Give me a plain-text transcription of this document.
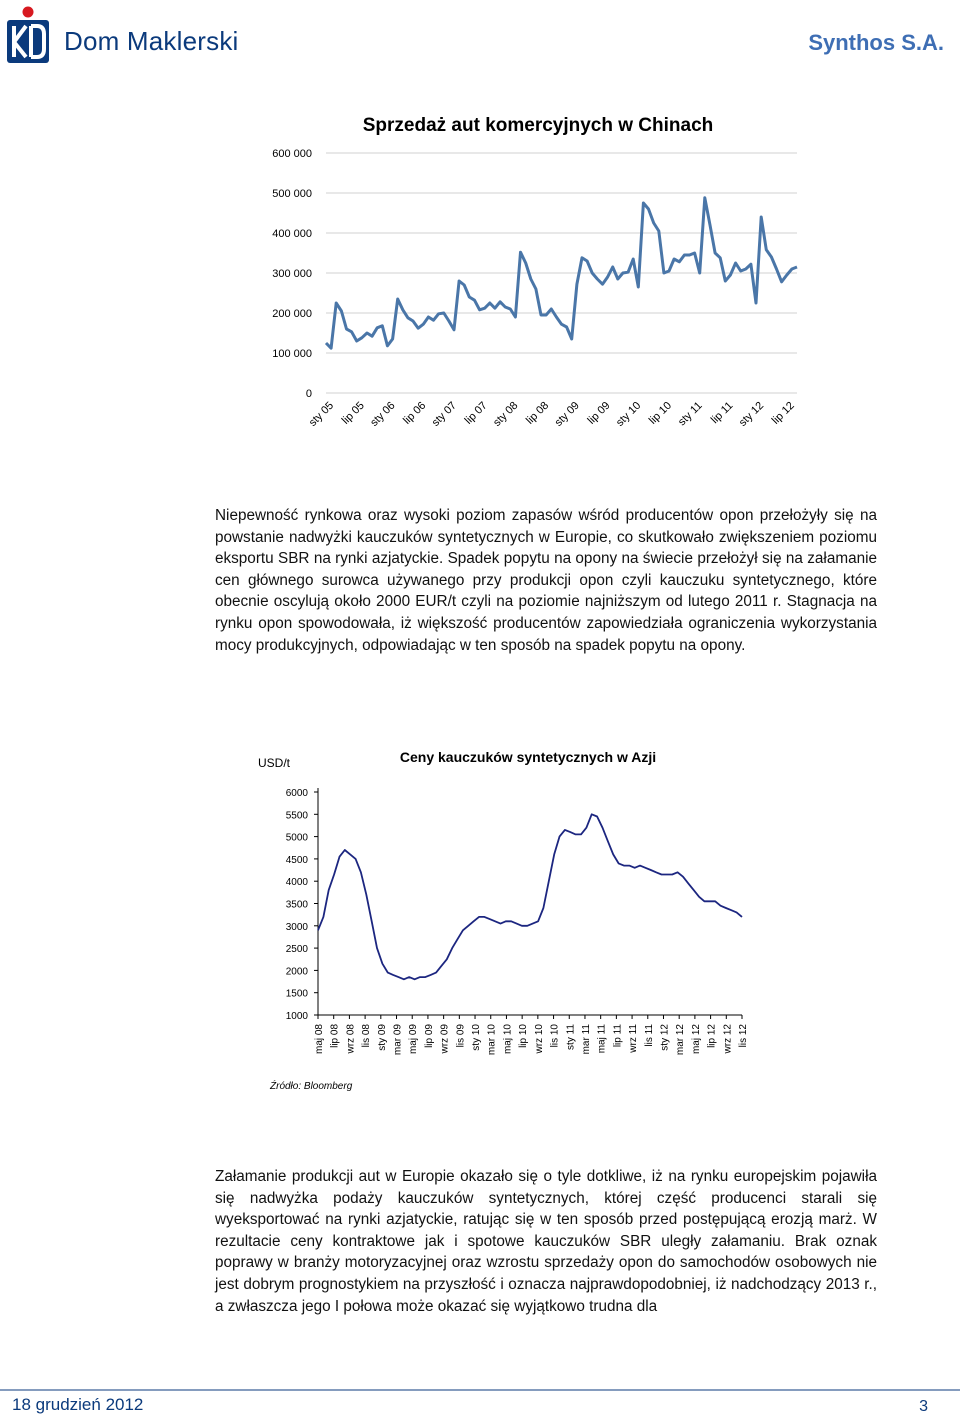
Dom Maklerski	Synthos S.A.
Sprzedaż aut komercyjnych w Chinach
0
100 000
200 000
300 000
400 000
500 000
600 000
sty 05 lip 05 sty 06 lip 06 sty 07 lip 07 sty 08 lip 08 sty 09 lip 09 sty 10 lip 10 sty 11 lip 11 sty 12 lip 12
Niepewność rynkowa oraz wysoki poziom zapasów wśród producentów opon przełożyły się na powstanie nadwyżki kauczuków syntetycznych w Europie, co skutkowało zwiększeniem poziomu eksportu SBR na rynki azjatyckie. Spadek popytu na opony na świecie przełożył się na załamanie cen głównego surowca używanego przy produkcji opon czyli kauczuku syntetycznego, które obecnie oscylują około 2000 EUR/t czyli na poziomie najniższym od lutego 2011 r. Stagnacja na rynku opon spowodowała, iż większość producentów zapowiedziała ograniczenia wykorzystania mocy produkcyjnych, odpowiadając w ten sposób na spadek popytu na opony.
USD/t	Ceny kauczuków syntetycznych w Azji
1000
1500
2000
2500
3000
3500
4000
4500
5000
5500
6000
maj 08 lip 08 wrz 08 lis 08 sty 09 mar 09 maj 09 lip 09 wrz 09 lis 09 sty 10 mar 10 maj 10 lip 10 wrz 10 lis 10 sty 11 mar 11 maj 11 lip 11 wrz 11 lis 11 sty 12 mar 12 maj 12 lip 12 wrz 12 lis 12
Źródło: Bloomberg
Załamanie produkcji aut w Europie okazało się o tyle dotkliwe, iż na rynku europejskim pojawiła się nadwyżka podaży kauczuków syntetycznych, której część producenci starali się wyeksportować na rynki azjatyckie, ratując się w ten sposób przed postępującą erozją marż. W rezultacie ceny kontraktowe jak i spotowe kauczuków SBR uległy załamaniu. Brak oznak poprawy w branży motoryzacyjnej oraz wzrostu sprzedaży opon do samochodów osobowych nie jest dobrym prognostykiem na przyszłość i oznacza najprawdopodobniej, iż nadchodzący 2013 r., a zwłaszcza jego I połowa może okazać się wyjątkowo trudna dla
18 grudzień 2012	3
